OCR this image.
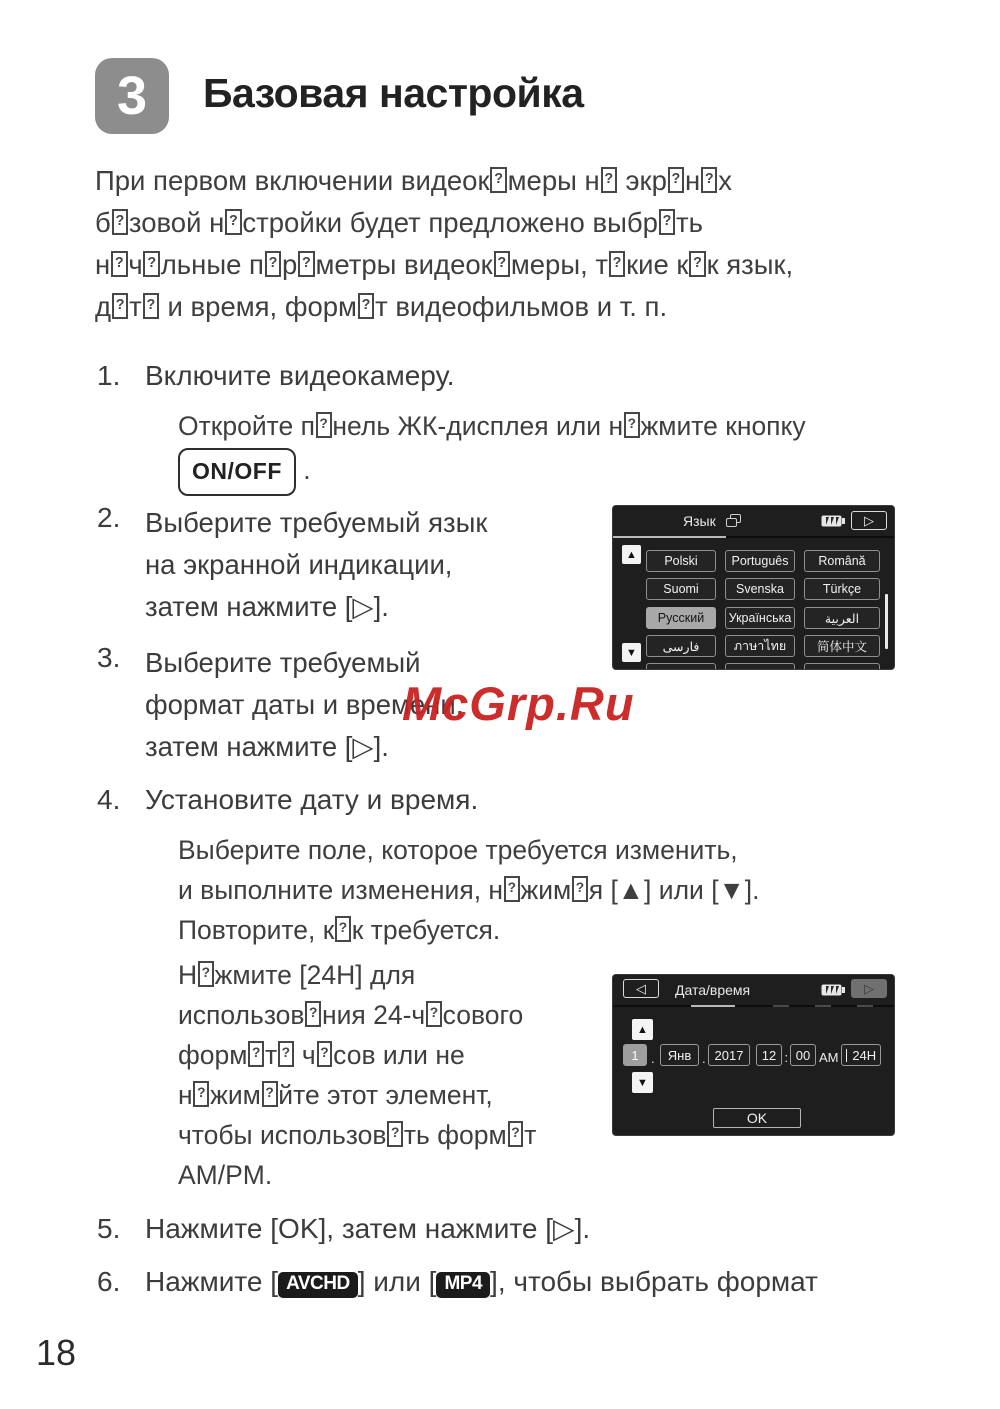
3	Базовая настройка
При первом включении видеок ? меры н? экр ? н ? х
б ? зовой н ? стройки будет предложено выбр ? ть
н ? ч ? льные п ? р ? метры видеок ? меры, т ? кие к ? к язык,
д ? т? и время, форм ? т видеофильмов и т. п.
1. Включите видеокамеру.
Откройте п ? нель ЖК-дисплея или н ? жмите кнопку
ON/OFF .
2. Выберите требуемый язык
на экранной индикации,
затем нажмите [▷].
3. Выберите требуемый
формат даты и времени,
затем нажмите [▷].
McGrp.Ru
4. Установите дату и время.
Выберите поле, которое требуется изменить,
и выполните изменения, н ? жим ? я [▲] или [▼].
Повторите, к ? к требуется.
Н ? жмите [24H] для
использов ? ния 24-ч ? сового
форм ? т? ч ? сов или не
н ? жим ? йте этот элемент,
чтобы использов ? ть форм ? т
AM/PM.
5. Нажмите [OK], затем нажмите [▷].
6. Нажмите [ AVCHD ] или [ MP4 ], чтобы выбрать формат
Язык	▷
▲
▼
Polski	Português	Română
Suomi	Svenska	Türkçe
Русский	Українська	العربية
فارسی	ภาษาไทย	简体中文
◁ Дата/время	▷
▲
1 .	Янв . 2017	12 : 00 AM 24H
▼
OK
18
